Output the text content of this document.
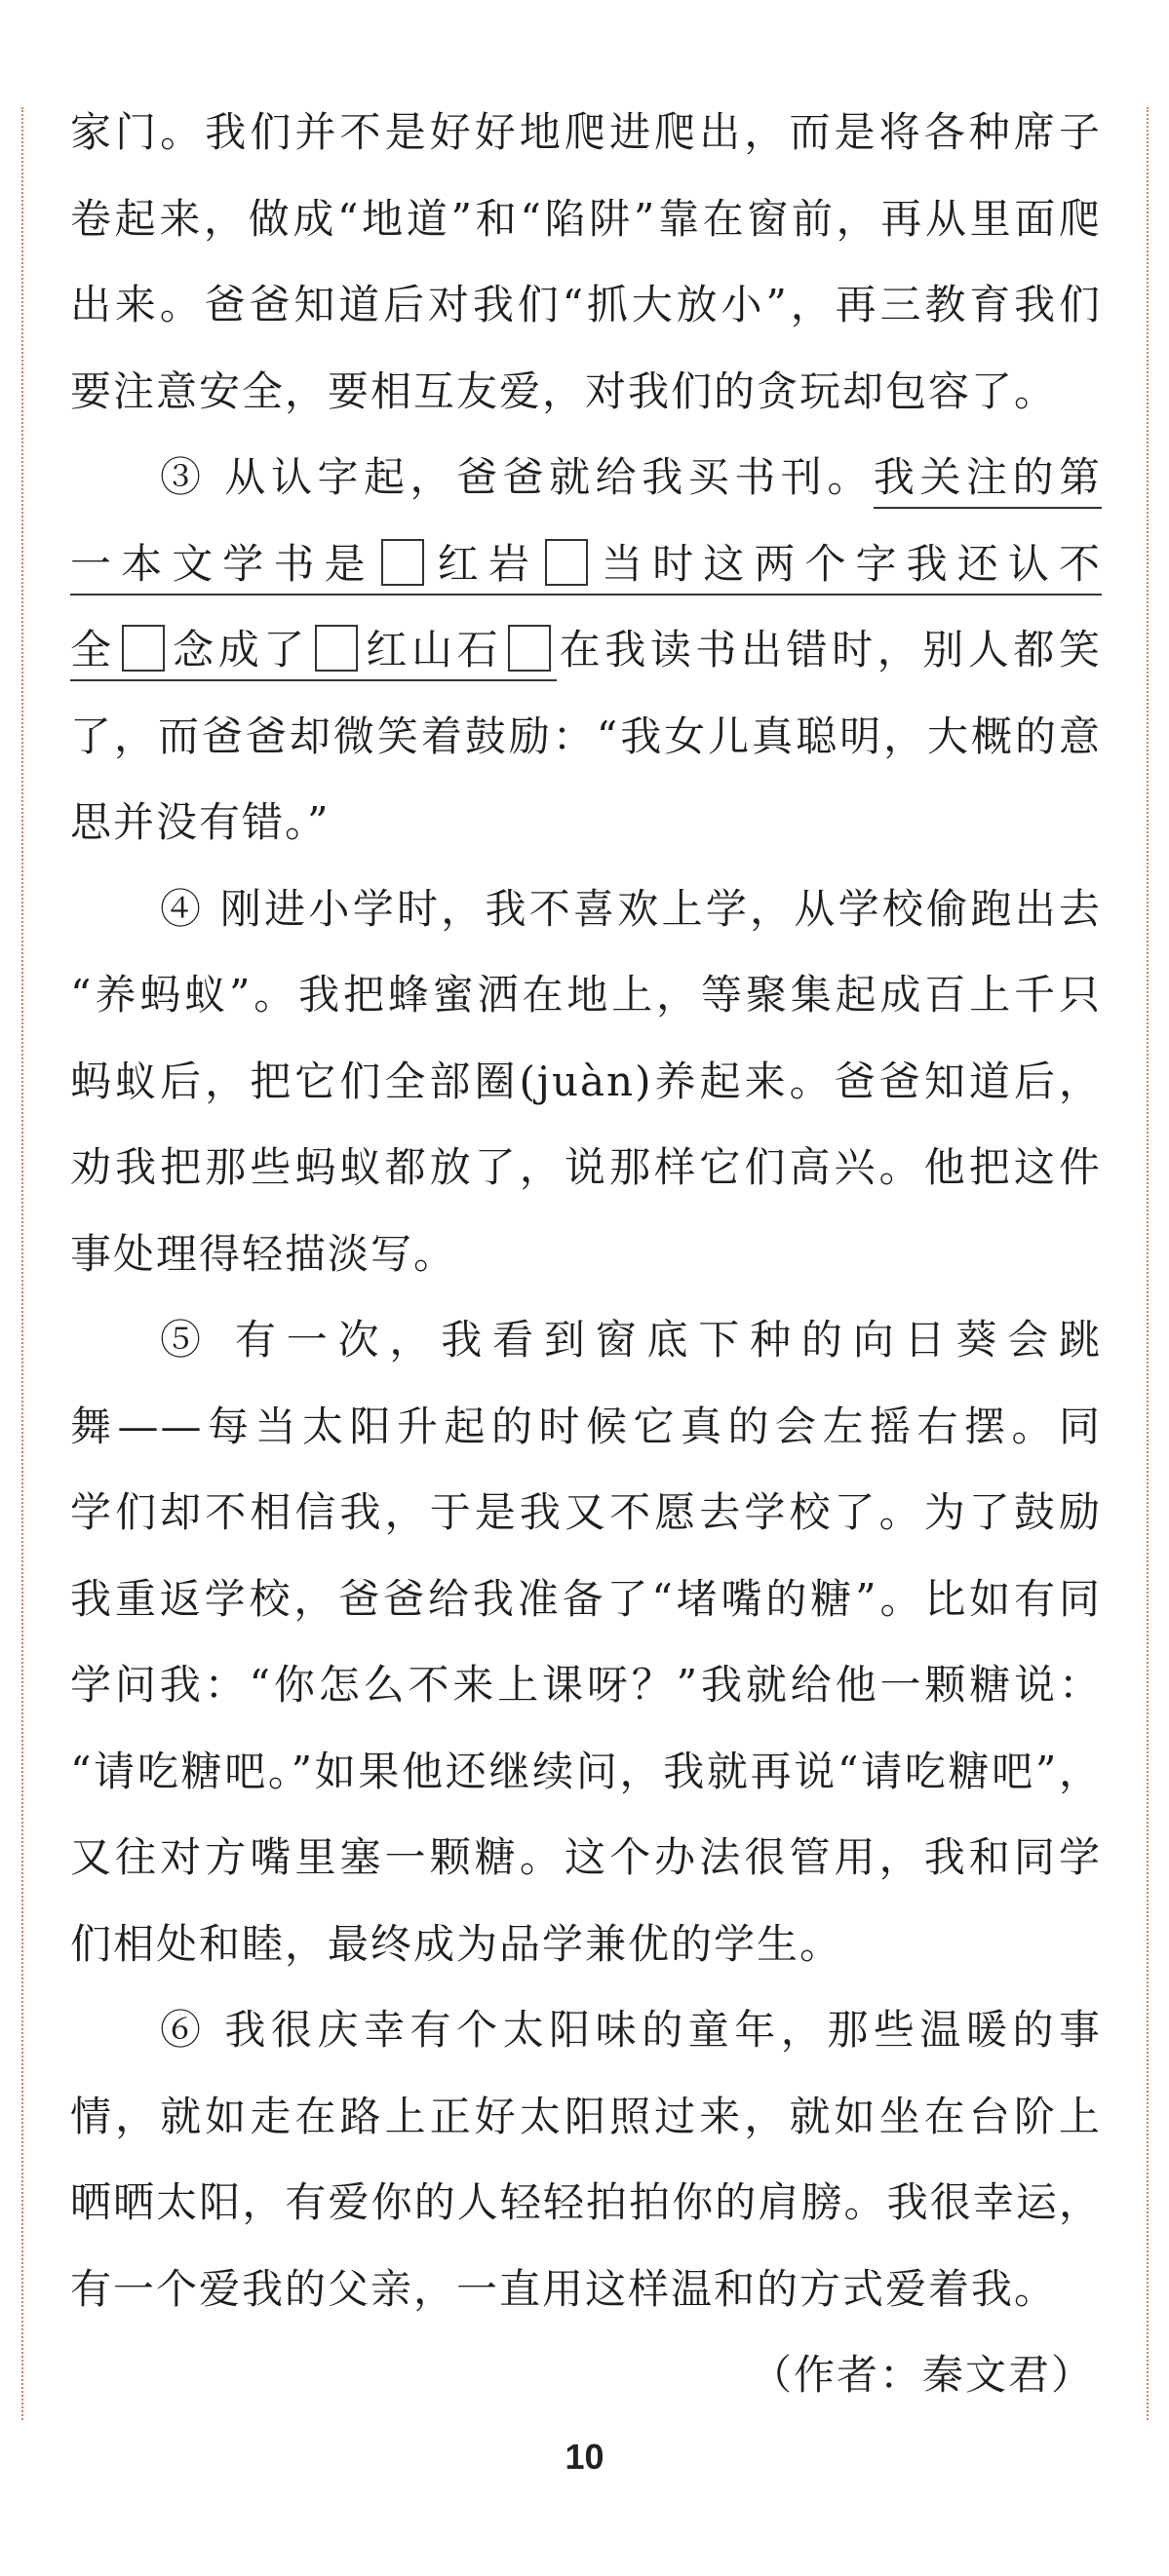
家门。我们并不是好好地爬进爬出，而是将各种席子
卷起来，做成“地道”和“陷阱”靠在窗前，再从里面爬
出来。爸爸知道后对我们“抓大放小”，再三教育我们
要注意安全，要相互友爱，对我们的贪玩却包容了。
③ 从认字起，爸爸就给我买书刊。我关注的第
一本文学书是 红岩 当时这两个字我还认不
全 念成了 红山石 在我读书出错时，别人都笑
了，而爸爸却微笑着鼓励：“我女儿真聪明，大概的意
思并没有错。”
④ 刚进小学时，我不喜欢上学，从学校偷跑出去
“养蚂蚁”。我把蜂蜜洒在地上，等聚集起成百上千只
蚂蚁后，把它们全部圈(juàn)养起来。爸爸知道后，
劝我把那些蚂蚁都放了，说那样它们高兴。他把这件
事处理得轻描淡写。
⑤ 有一次，我看到窗底下种的向日葵会跳
舞——每当太阳升起的时候它真的会左摇右摆。同
学们却不相信我，于是我又不愿去学校了。为了鼓励
我重返学校，爸爸给我准备了“堵嘴的糖”。比如有同
学问我：“你怎么不来上课呀？”我就给他一颗糖说：
“请吃糖吧。”如果他还继续问，我就再说“请吃糖吧”，
又往对方嘴里塞一颗糖。这个办法很管用，我和同学
们相处和睦，最终成为品学兼优的学生。
⑥ 我很庆幸有个太阳味的童年，那些温暖的事
情，就如走在路上正好太阳照过来，就如坐在台阶上
晒晒太阳，有爱你的人轻轻拍拍你的肩膀。我很幸运，
有一个爱我的父亲，一直用这样温和的方式爱着我。
（作者：秦文君）
10
